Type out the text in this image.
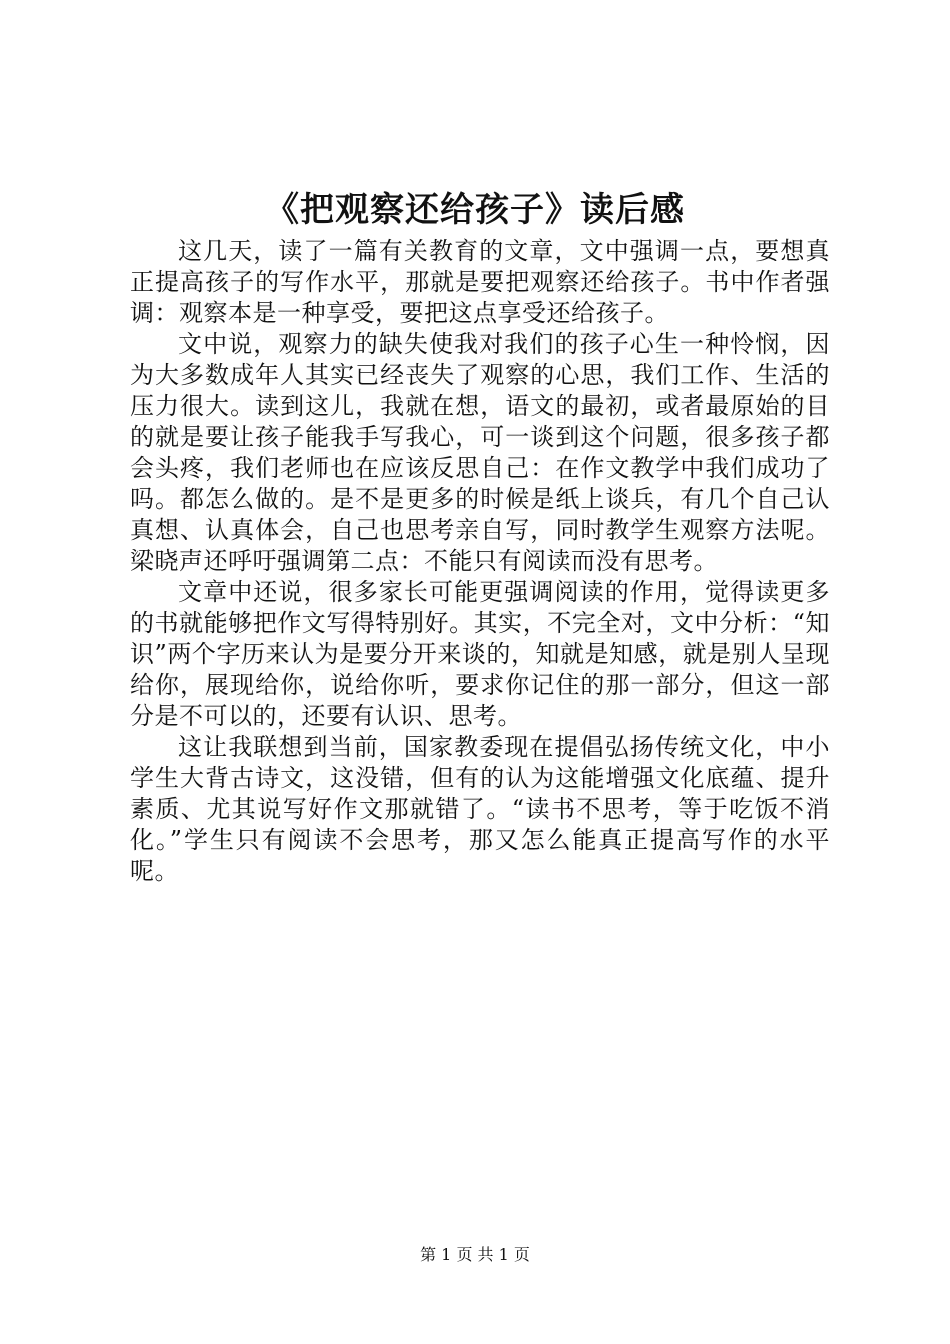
《把观察还给孩子》读后感

这几天，读了一篇有关教育的文章，文中强调一点，要想真正提高孩子的写作水平，那就是要把观察还给孩子。书中作者强调：观察本是一种享受，要把这点享受还给孩子。

文中说，观察力的缺失使我对我们的孩子心生一种怜悯，因为大多数成年人其实已经丧失了观察的心思，我们工作、生活的压力很大。读到这儿，我就在想，语文的最初，或者最原始的目的就是要让孩子能我手写我心，可一谈到这个问题，很多孩子都会头疼，我们老师也在应该反思自己：在作文教学中我们成功了吗。都怎么做的。是不是更多的时候是纸上谈兵，有几个自己认真想、认真体会，自己也思考亲自写，同时教学生观察方法呢。梁晓声还呼吁强调第二点：不能只有阅读而没有思考。

文章中还说，很多家长可能更强调阅读的作用，觉得读更多的书就能够把作文写得特别好。其实，不完全对，文中分析：“知识”两个字历来认为是要分开来谈的，知就是知感，就是别人呈现给你，展现给你，说给你听，要求你记住的那一部分，但这一部分是不可以的，还要有认识、思考。

这让我联想到当前，国家教委现在提倡弘扬传统文化，中小学生大背古诗文，这没错，但有的认为这能增强文化底蕴、提升素质、尤其说写好作文那就错了。“读书不思考，等于吃饭不消化。”学生只有阅读不会思考，那又怎么能真正提高写作的水平呢。

第 1 页 共 1 页
